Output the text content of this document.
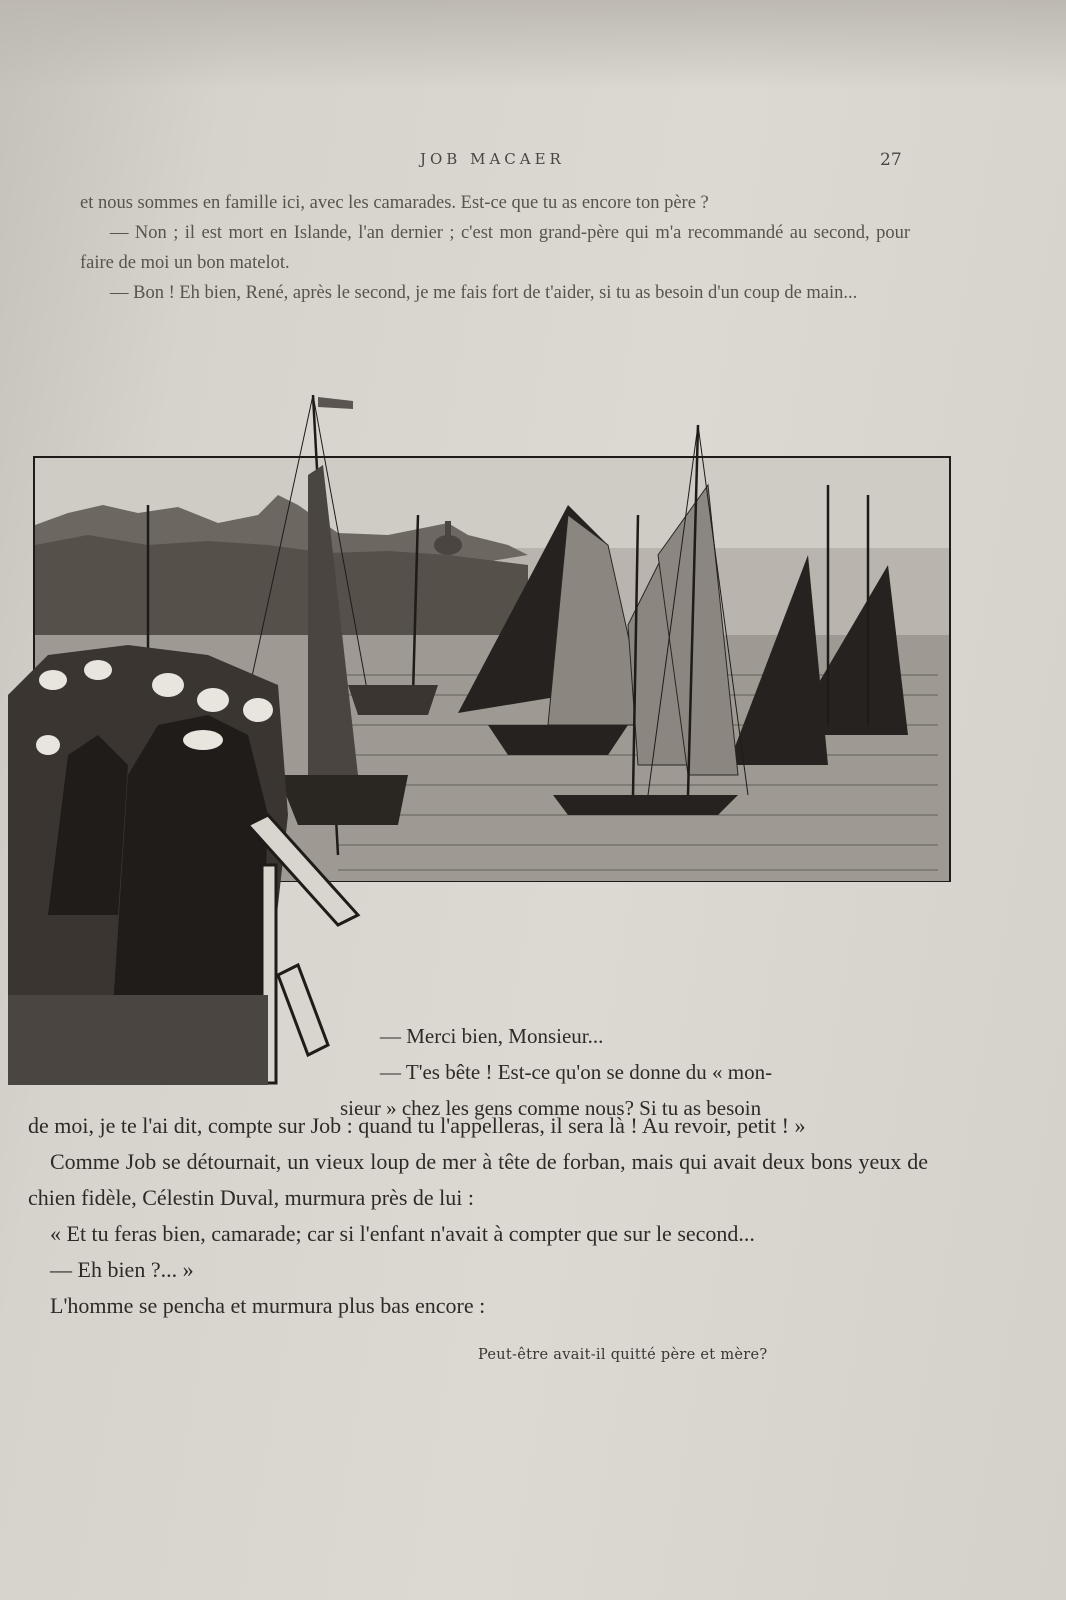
JOB MACAER	27

et nous sommes en famille ici, avec les camarades. Est-ce que tu as encore ton père ?

— Non ; il est mort en Islande, l'an dernier ; c'est mon grand-père qui m'a recommandé au second, pour faire de moi un bon matelot.

— Bon ! Eh bien, René, après le second, je me fais fort de t'aider, si tu as besoin d'un coup de main...

Peut-être avait-il quitté père et mère?

— Merci bien, Monsieur...

— T'es bête ! Est-ce qu'on se donne du « mon-

sieur » chez les gens comme nous? Si tu as besoin

de moi, je te l'ai dit, compte sur Job : quand tu l'appelleras, il sera là ! Au revoir, petit ! »

Comme Job se détournait, un vieux loup de mer à tête de forban, mais qui avait deux bons yeux de chien fidèle, Célestin Duval, murmura près de lui :

« Et tu feras bien, camarade; car si l'enfant n'avait à compter que sur le second...

— Eh bien ?... »

L'homme se pencha et murmura plus bas encore :
